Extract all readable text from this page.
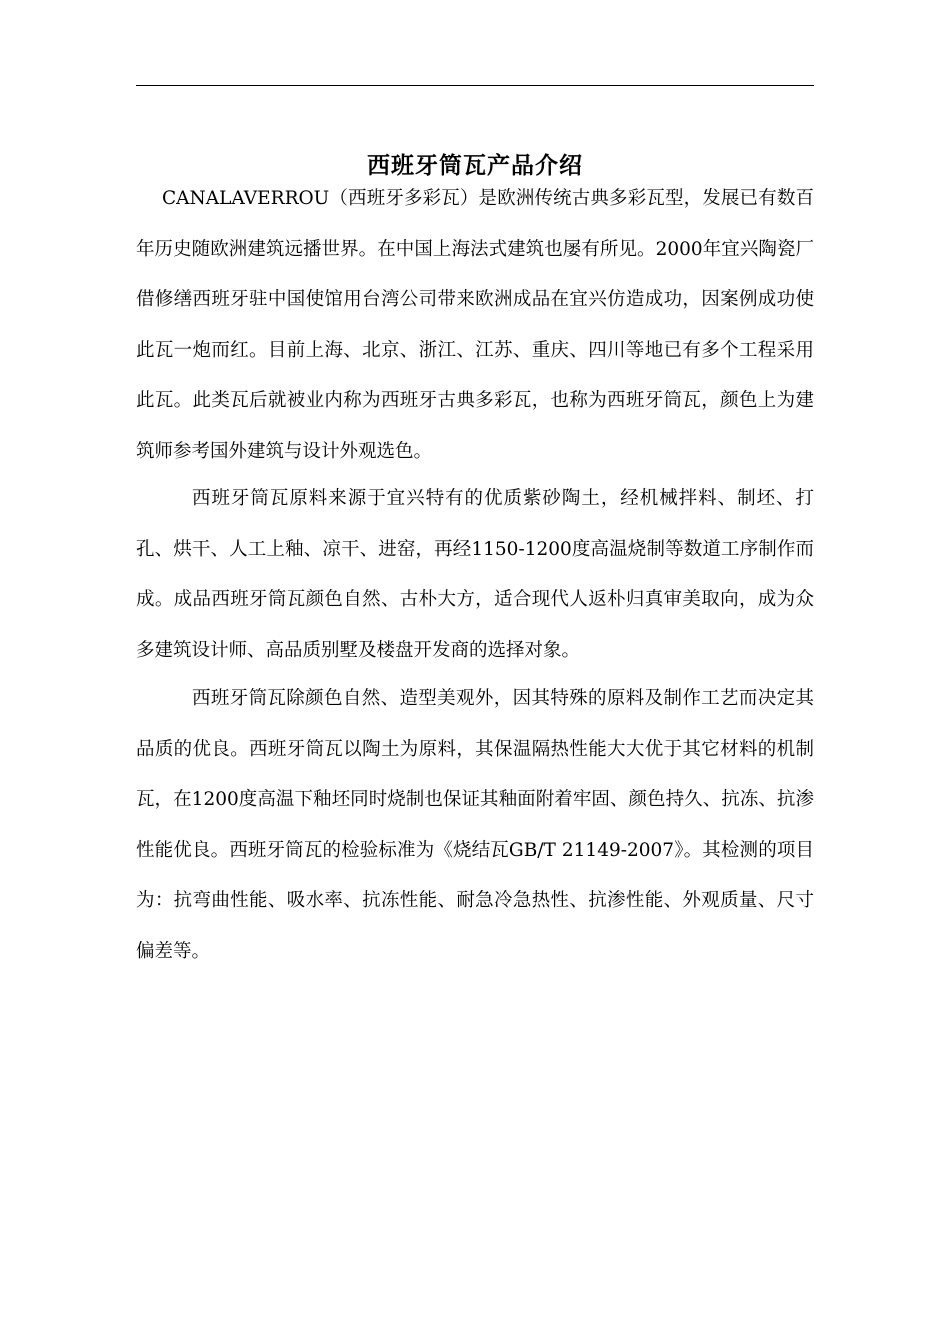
西班牙筒瓦产品介绍

CANALAVERROU（西班牙多彩瓦）是欧洲传统古典多彩瓦型，发展已有数百年历史随欧洲建筑远播世界。在中国上海法式建筑也屡有所见。2000年宜兴陶瓷厂借修缮西班牙驻中国使馆用台湾公司带来欧洲成品在宜兴仿造成功，因案例成功使此瓦一炮而红。目前上海、北京、浙江、江苏、重庆、四川等地已有多个工程采用此瓦。此类瓦后就被业内称为西班牙古典多彩瓦，也称为西班牙筒瓦，颜色上为建筑师参考国外建筑与设计外观选色。

西班牙筒瓦原料来源于宜兴特有的优质紫砂陶土，经机械拌料、制坯、打孔、烘干、人工上釉、凉干、进窑，再经1150-1200度高温烧制等数道工序制作而成。成品西班牙筒瓦颜色自然、古朴大方，适合现代人返朴归真审美取向，成为众多建筑设计师、高品质别墅及楼盘开发商的选择对象。

西班牙筒瓦除颜色自然、造型美观外，因其特殊的原料及制作工艺而决定其品质的优良。西班牙筒瓦以陶土为原料，其保温隔热性能大大优于其它材料的机制瓦，在1200度高温下釉坯同时烧制也保证其釉面附着牢固、颜色持久、抗冻、抗渗性能优良。西班牙筒瓦的检验标准为《烧结瓦GB/T 21149-2007》。其检测的项目为：抗弯曲性能、吸水率、抗冻性能、耐急冷急热性、抗渗性能、外观质量、尺寸偏差等。
